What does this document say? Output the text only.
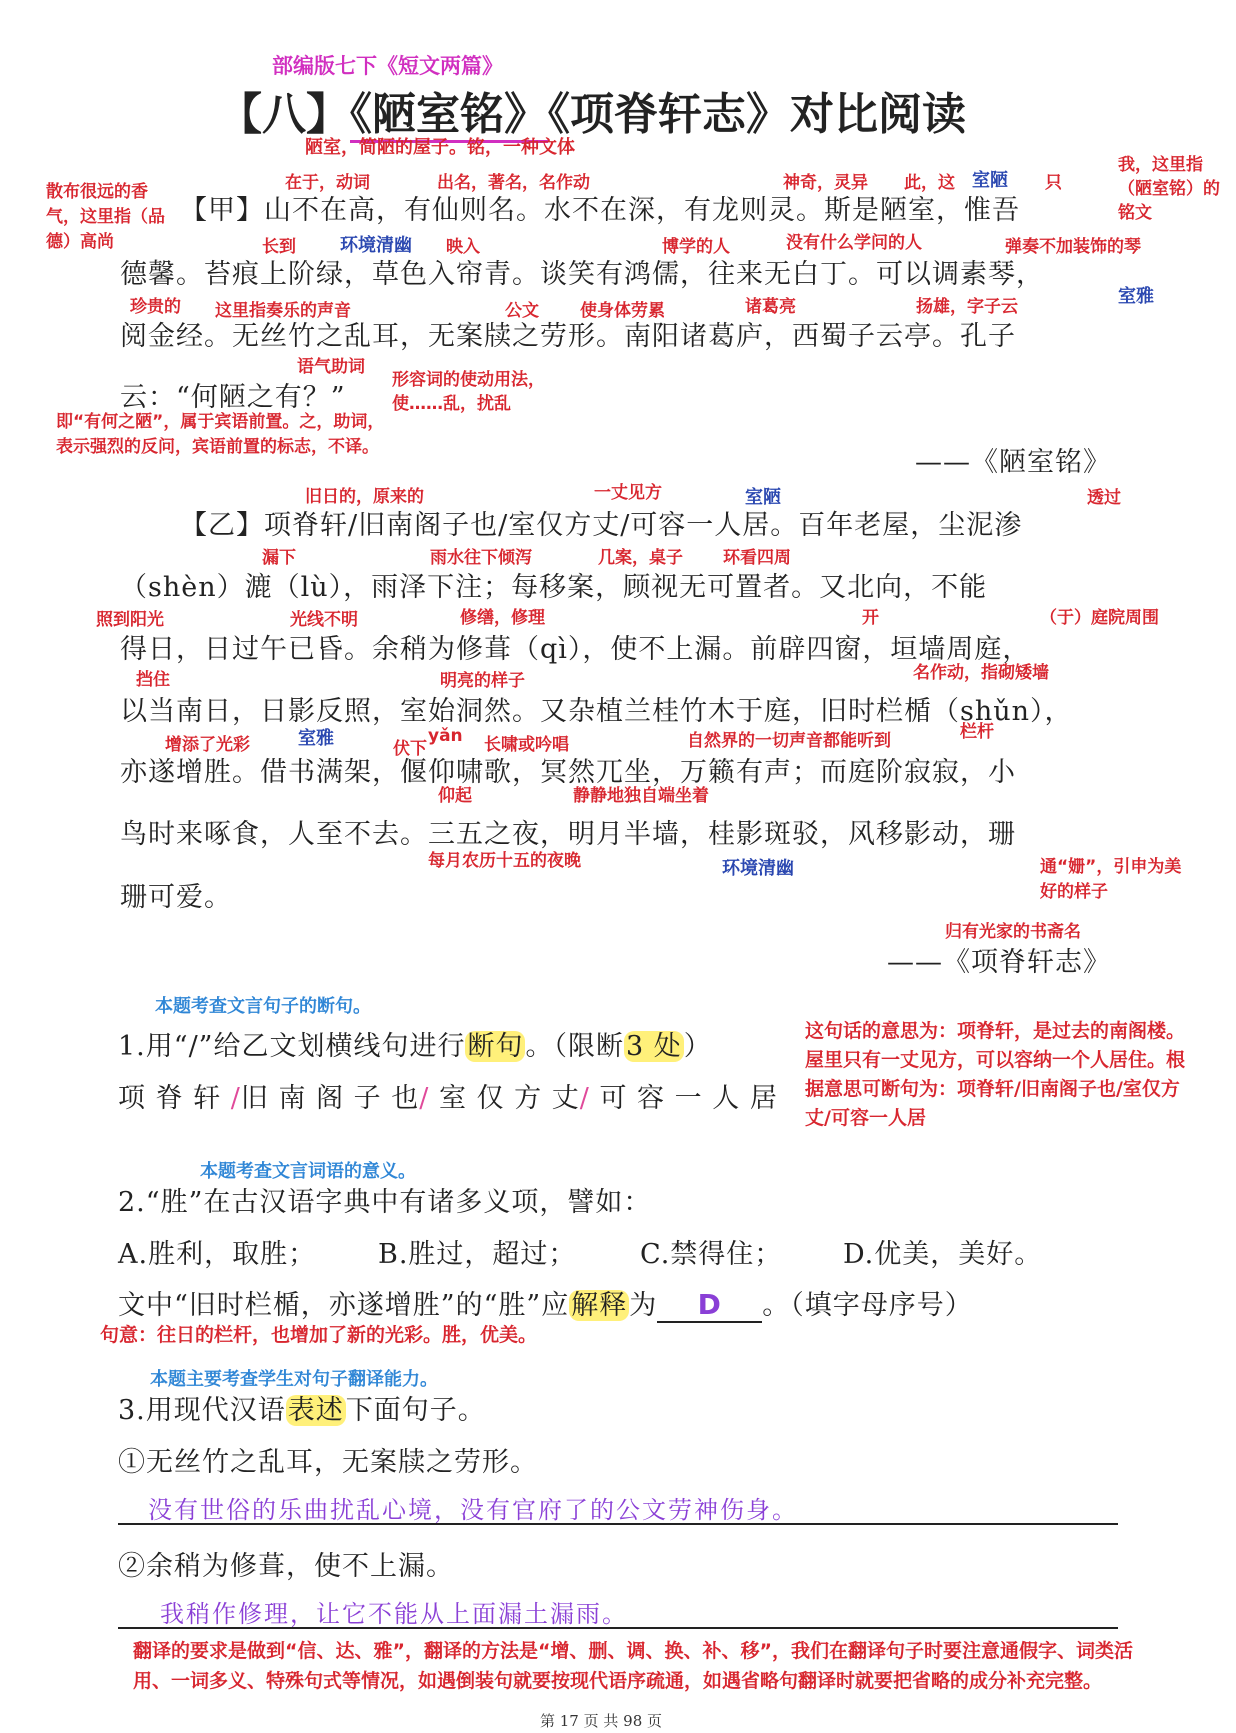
部编版七下《短文两篇》
【八】《陋室铭》《项脊轩志》对比阅读
陋室，简陋的屋子。铭，一种文体
在于，动词	出名，著名，名作动	神奇，灵异 此，这 室陋 只
我，这里指（陋室铭）的铭文
散布很远的香气，这里指（品德）高尚
【甲】山不在高，有仙则名。水不在深，有龙则灵。斯是陋室，惟吾
长到 环境清幽 映入	博学的人	没有什么学问的人	弹奏不加装饰的琴
德馨。苔痕上阶绿，草色入帘青。谈笑有鸿儒，往来无白丁。可以调素琴，
室雅
珍贵的 这里指奏乐的声音	公文 使身体劳累	诸葛亮	扬雄，字子云
阅金经。无丝竹之乱耳，无案牍之劳形。南阳诸葛庐，西蜀子云亭。孔子
语气助词
形容词的使动用法，使……乱，扰乱
云：“何陋之有？”
即“有何之陋”，属于宾语前置。之，助词，表示强烈的反问，宾语前置的标志，不译。	——《陋室铭》
旧日的，原来的	一丈见方	室陋	透过
【乙】项脊轩/旧南阁子也/室仅方丈/可容一人居。百年老屋，尘泥渗
漏下	雨水往下倾泻	几案，桌子 环看四周
（shèn）漉（lù），雨泽下注；每移案，顾视无可置者。又北向，不能
照到阳光	光线不明	修缮，修理	开	（于）庭院周围
得日，日过午已昏。余稍为修葺（qì），使不上漏。前辟四窗，垣墙周庭，
挡住	明亮的样子	名作动，指砌矮墙
以当南日，日影反照，室始洞然。又杂植兰桂竹木于庭，旧时栏楯（shǔn），
栏杆
增添了光彩	室雅	伏下
yǎn 长啸或吟唱	自然界的一切声音都能听到
亦遂增胜。借书满架，偃仰啸歌，冥然兀坐，万籁有声；而庭阶寂寂，小
仰起	静静地独自端坐着
鸟时来啄食，人至不去。三五之夜，明月半墙，桂影斑驳，风移影动，珊
每月农历十五的夜晚	环境清幽	通“姗”，引申为美好的样子
珊可爱。
归有光家的书斋名
——《项脊轩志》
本题考查文言句子的断句。
1.用“/”给乙文划横线句进行断句。（限断3 处）
项 脊 轩 /旧 南 阁 子 也/ 室 仅 方 丈/ 可 容 一 人 居
这句话的意思为：项脊轩，是过去的南阁楼。屋里只有一丈见方，可以容纳一个人居住。根据意思可断句为：项脊轩/旧南阁子也/室仅方丈/可容一人居
本题考查文言词语的意义。
2.“胜”在古汉语字典中有诸多义项，譬如：
A.胜利，取胜； B.胜过，超过； C.禁得住； D.优美，美好。
文中“旧时栏楯，亦遂增胜”的“胜”应解释为 D 。（填字母序号）
句意：往日的栏杆，也增加了新的光彩。胜，优美。
本题主要考查学生对句子翻译能力。
3.用现代汉语表述下面句子。
①无丝竹之乱耳，无案牍之劳形。
没有世俗的乐曲扰乱心境，没有官府了的公文劳神伤身。
②余稍为修葺，使不上漏。
我稍作修理，让它不能从上面漏土漏雨。
翻译的要求是做到“信、达、雅”，翻译的方法是“增、删、调、换、补、移”，我们在翻译句子时要注意通假字、词类活用、一词多义、特殊句式等情况，如遇倒装句就要按现代语序疏通，如遇省略句翻译时就要把省略的成分补充完整。
第 17 页 共 98 页
